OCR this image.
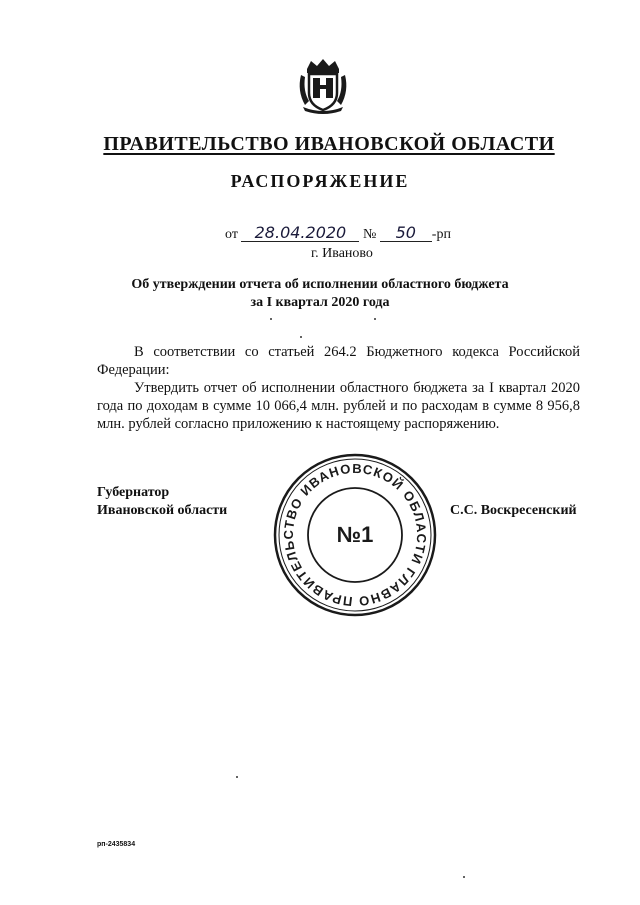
ПРАВИТЕЛЬСТВО ИВАНОВСКОЙ ОБЛАСТИ
РАСПОРЯЖЕНИЕ
от 28.04.2020 № 50 -рп
г. Иваново
Об утверждении отчета об исполнении областного бюджета
за I квартал 2020 года

В соответствии со статьей 264.2 Бюджетного кодекса Российской Федерации:

Утвердить отчет об исполнении областного бюджета за I квартал 2020 года по доходам в сумме 10 066,4 млн. рублей и по расходам в сумме 8 956,8 млн. рублей согласно приложению к настоящему распоряжению.

Губернатор
Ивановской области
ПРАВИТЕЛЬСТВО ИВАНОВСКОЙ ОБЛАСТИ ГЛАВНОЕ
№1
С.С. Воскресенский
рп-2435834
